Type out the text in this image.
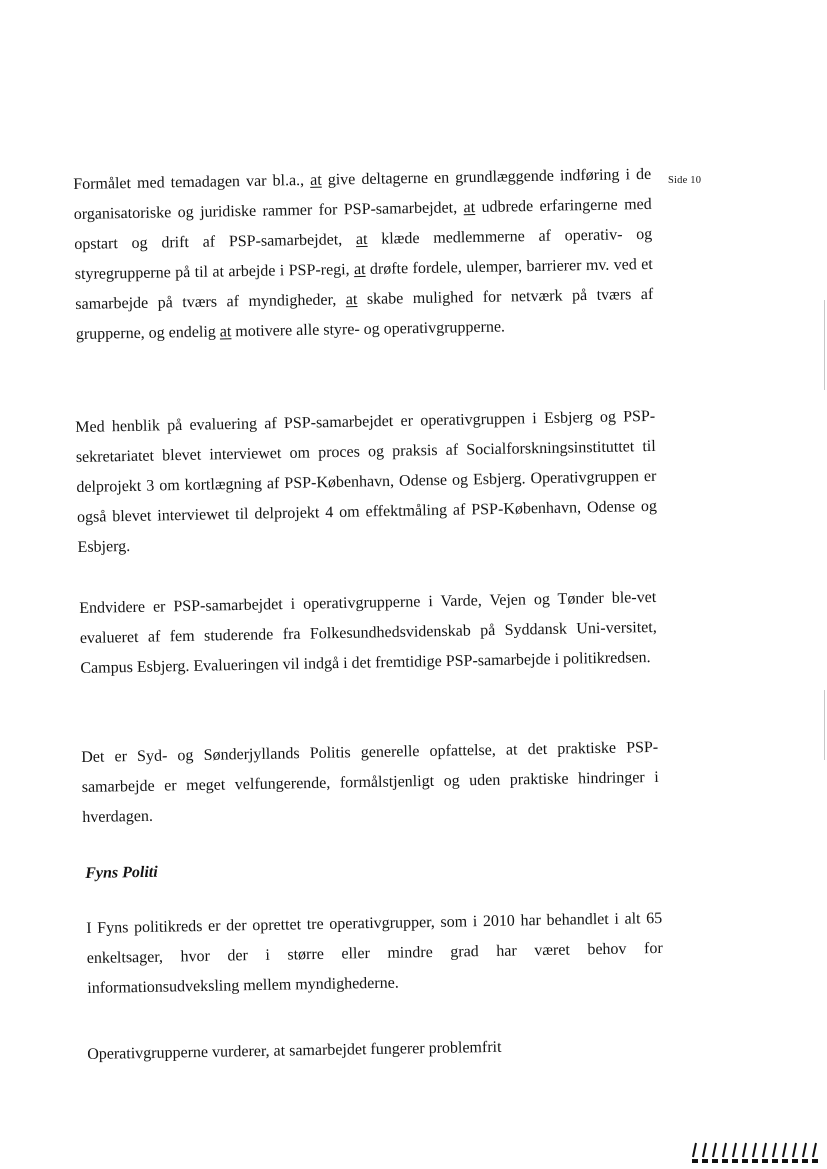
Side 10

Formålet med temadagen var bl.a., at give deltagerne en grundlæggende indføring i de organisatoriske og juridiske rammer for PSP-samarbejdet, at udbrede erfaringerne med opstart og drift af PSP-samarbejdet, at klæde medlemmerne af operativ- og styregrupperne på til at arbejde i PSP-regi, at drøfte fordele, ulemper, barrierer mv. ved et samarbejde på tværs af myndigheder, at skabe mulighed for netværk på tværs af grupperne, og endelig at motivere alle styre- og operativgrupperne.

Med henblik på evaluering af PSP-samarbejdet er operativgruppen i Esbjerg og PSP-sekretariatet blevet interviewet om proces og praksis af Socialforskningsinstituttet til delprojekt 3 om kortlægning af PSP-København, Odense og Esbjerg. Operativgruppen er også blevet interviewet til delprojekt 4 om effektmåling af PSP-København, Odense og Esbjerg.

Endvidere er PSP-samarbejdet i operativgrupperne i Varde, Vejen og Tønder ble-vet evalueret af fem studerende fra Folkesundhedsvidenskab på Syddansk Uni-versitet, Campus Esbjerg. Evalueringen vil indgå i det fremtidige PSP-samarbejde i politikredsen.

Det er Syd- og Sønderjyllands Politis generelle opfattelse, at det praktiske PSP-samarbejde er meget velfungerende, formålstjenligt og uden praktiske hindringer i hverdagen.

Fyns Politi

I Fyns politikreds er der oprettet tre operativgrupper, som i 2010 har behandlet i alt 65 enkeltsager, hvor der i større eller mindre grad har været behov for informationsudveksling mellem myndighederne.

Operativgrupperne vurderer, at samarbejdet fungerer problemfrit
